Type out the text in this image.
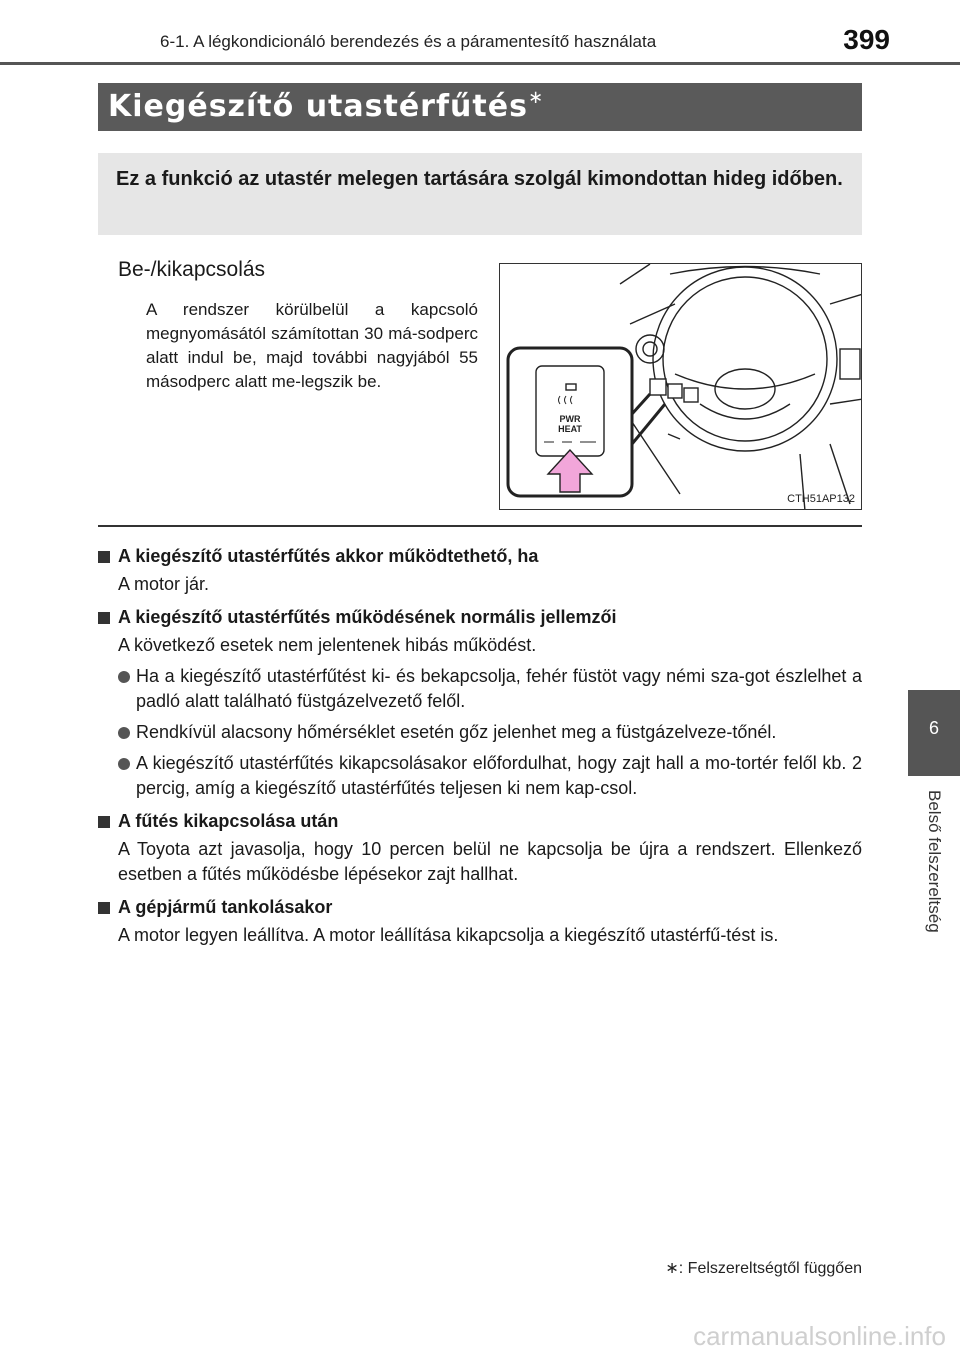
6-1. A légkondicionáló berendezés és a páramentesítő használata	399
6
Belső felszereltség
Kiegészítő utastérfűtés∗
Ez a funkció az utastér melegen tartására szolgál kimondottan hideg időben.
Be-/kikapcsolás
A rendszer körülbelül a kapcsoló megnyomásától számítottan 30 má-sodperc alatt indul be, majd további nagyjából 55 másodperc alatt me-legszik be.
PWR
HEAT
CTH51AP132
A kiegészítő utastérfűtés akkor működtethető, ha
A motor jár.
A kiegészítő utastérfűtés működésének normális jellemzői
A következő esetek nem jelentenek hibás működést.
Ha a kiegészítő utastérfűtést ki- és bekapcsolja, fehér füstöt vagy némi sza-got észlelhet a padló alatt található füstgázelvezető felől.
Rendkívül alacsony hőmérséklet esetén gőz jelenhet meg a füstgázelveze-tőnél.
A kiegészítő utastérfűtés kikapcsolásakor előfordulhat, hogy zajt hall a mo-tortér felől kb. 2 percig, amíg a kiegészítő utastérfűtés teljesen ki nem kap-csol.
A fűtés kikapcsolása után
A Toyota azt javasolja, hogy 10 percen belül ne kapcsolja be újra a rendszert. Ellenkező esetben a fűtés működésbe lépésekor zajt hallhat.
A gépjármű tankolásakor
A motor legyen leállítva. A motor leállítása kikapcsolja a kiegészítő utastérfű-tést is.
∗: Felszereltségtől függően
carmanualsonline.info
